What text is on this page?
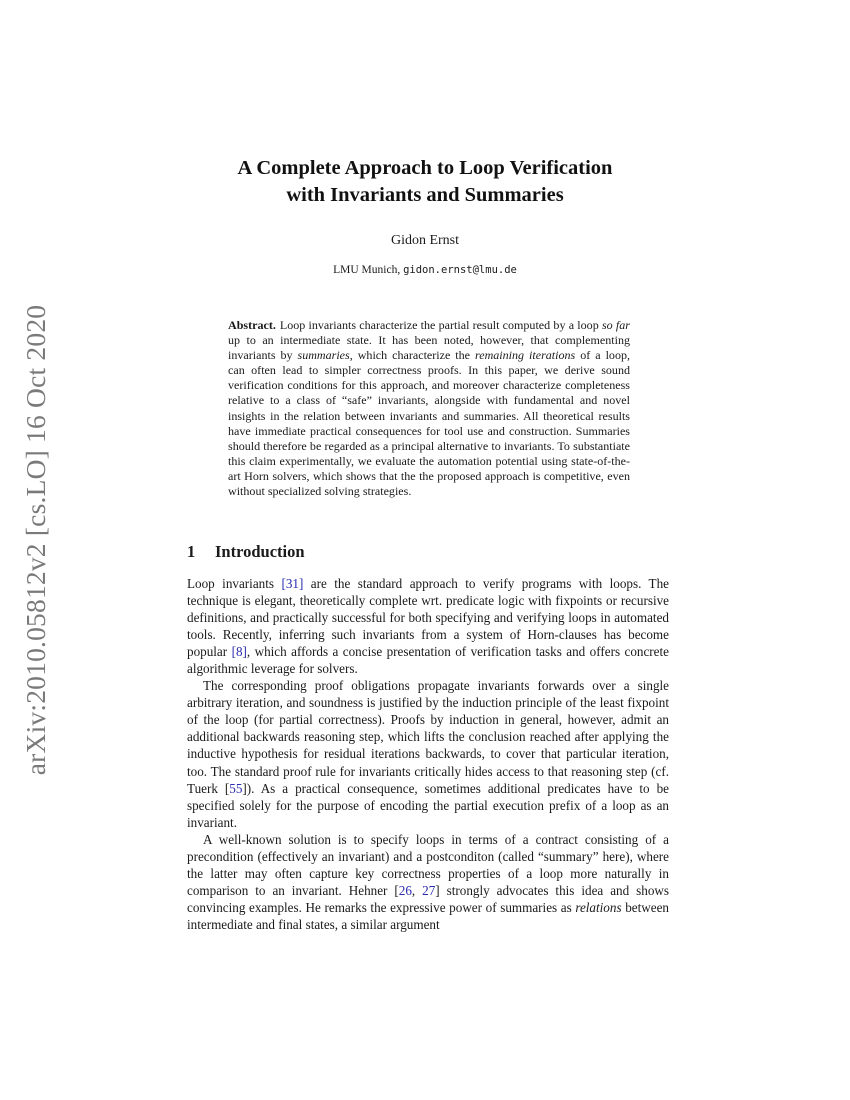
arXiv:2010.05812v2 [cs.LO] 16 Oct 2020
A Complete Approach to Loop Verification
with Invariants and Summaries
Gidon Ernst
LMU Munich, gidon.ernst@lmu.de
Abstract. Loop invariants characterize the partial result computed by a loop so far up to an intermediate state. It has been noted, however, that complementing invariants by summaries, which characterize the remaining iterations of a loop, can often lead to simpler correctness proofs. In this paper, we derive sound verification conditions for this approach, and moreover characterize completeness relative to a class of “safe” invariants, alongside with fundamental and novel insights in the relation between invariants and summaries. All theoretical results have immediate practical consequences for tool use and construction. Summaries should therefore be regarded as a principal alternative to invariants. To substantiate this claim experimentally, we evaluate the automation potential using state-of-the-art Horn solvers, which shows that the the proposed approach is competitive, even without specialized solving strategies.
1 Introduction

Loop invariants [31] are the standard approach to verify programs with loops. The technique is elegant, theoretically complete wrt. predicate logic with fixpoints or recursive definitions, and practically successful for both specifying and verifying loops in automated tools. Recently, inferring such invariants from a system of Horn-clauses has become popular [8], which affords a concise presentation of verification tasks and offers concrete algorithmic leverage for solvers.

The corresponding proof obligations propagate invariants forwards over a single arbitrary iteration, and soundness is justified by the induction principle of the least fixpoint of the loop (for partial correctness). Proofs by induction in general, however, admit an additional backwards reasoning step, which lifts the conclusion reached after applying the inductive hypothesis for residual iterations backwards, to cover that particular iteration, too. The standard proof rule for invariants critically hides access to that reasoning step (cf. Tuerk [55]). As a practical consequence, sometimes additional predicates have to be specified solely for the purpose of encoding the partial execution prefix of a loop as an invariant.

A well-known solution is to specify loops in terms of a contract consisting of a precondition (effectively an invariant) and a postconditon (called “summary” here), where the latter may often capture key correctness properties of a loop more naturally in comparison to an invariant. Hehner [26, 27] strongly advocates this idea and shows convincing examples. He remarks the expressive power of summaries as relations between intermediate and final states, a similar argument
